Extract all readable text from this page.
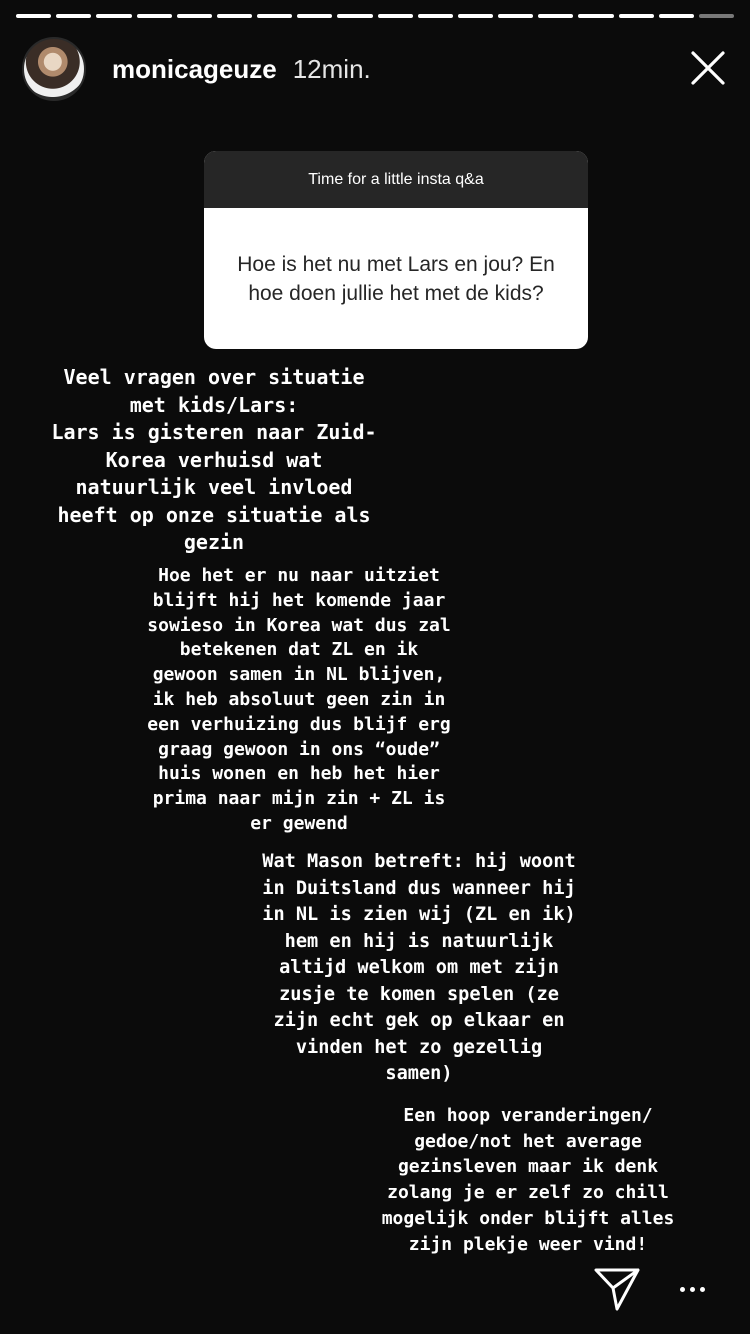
monicageuze 12min.
Time for a little insta q&a
Hoe is het nu met Lars en jou? En hoe doen jullie het met de kids?
Veel vragen over situatie
met kids/Lars:
Lars is gisteren naar Zuid-
Korea verhuisd wat
natuurlijk veel invloed
heeft op onze situatie als
gezin
Hoe het er nu naar uitziet
blijft hij het komende jaar
sowieso in Korea wat dus zal
betekenen dat ZL en ik
gewoon samen in NL blijven,
ik heb absoluut geen zin in
een verhuizing dus blijf erg
graag gewoon in ons “oude”
huis wonen en heb het hier
prima naar mijn zin + ZL is
er gewend
Wat Mason betreft: hij woont
in Duitsland dus wanneer hij
in NL is zien wij (ZL en ik)
hem en hij is natuurlijk
altijd welkom om met zijn
zusje te komen spelen (ze
zijn echt gek op elkaar en
vinden het zo gezellig
samen)
Een hoop veranderingen/
gedoe/not het average
gezinsleven maar ik denk
zolang je er zelf zo chill
mogelijk onder blijft alles
zijn plekje weer vind!
